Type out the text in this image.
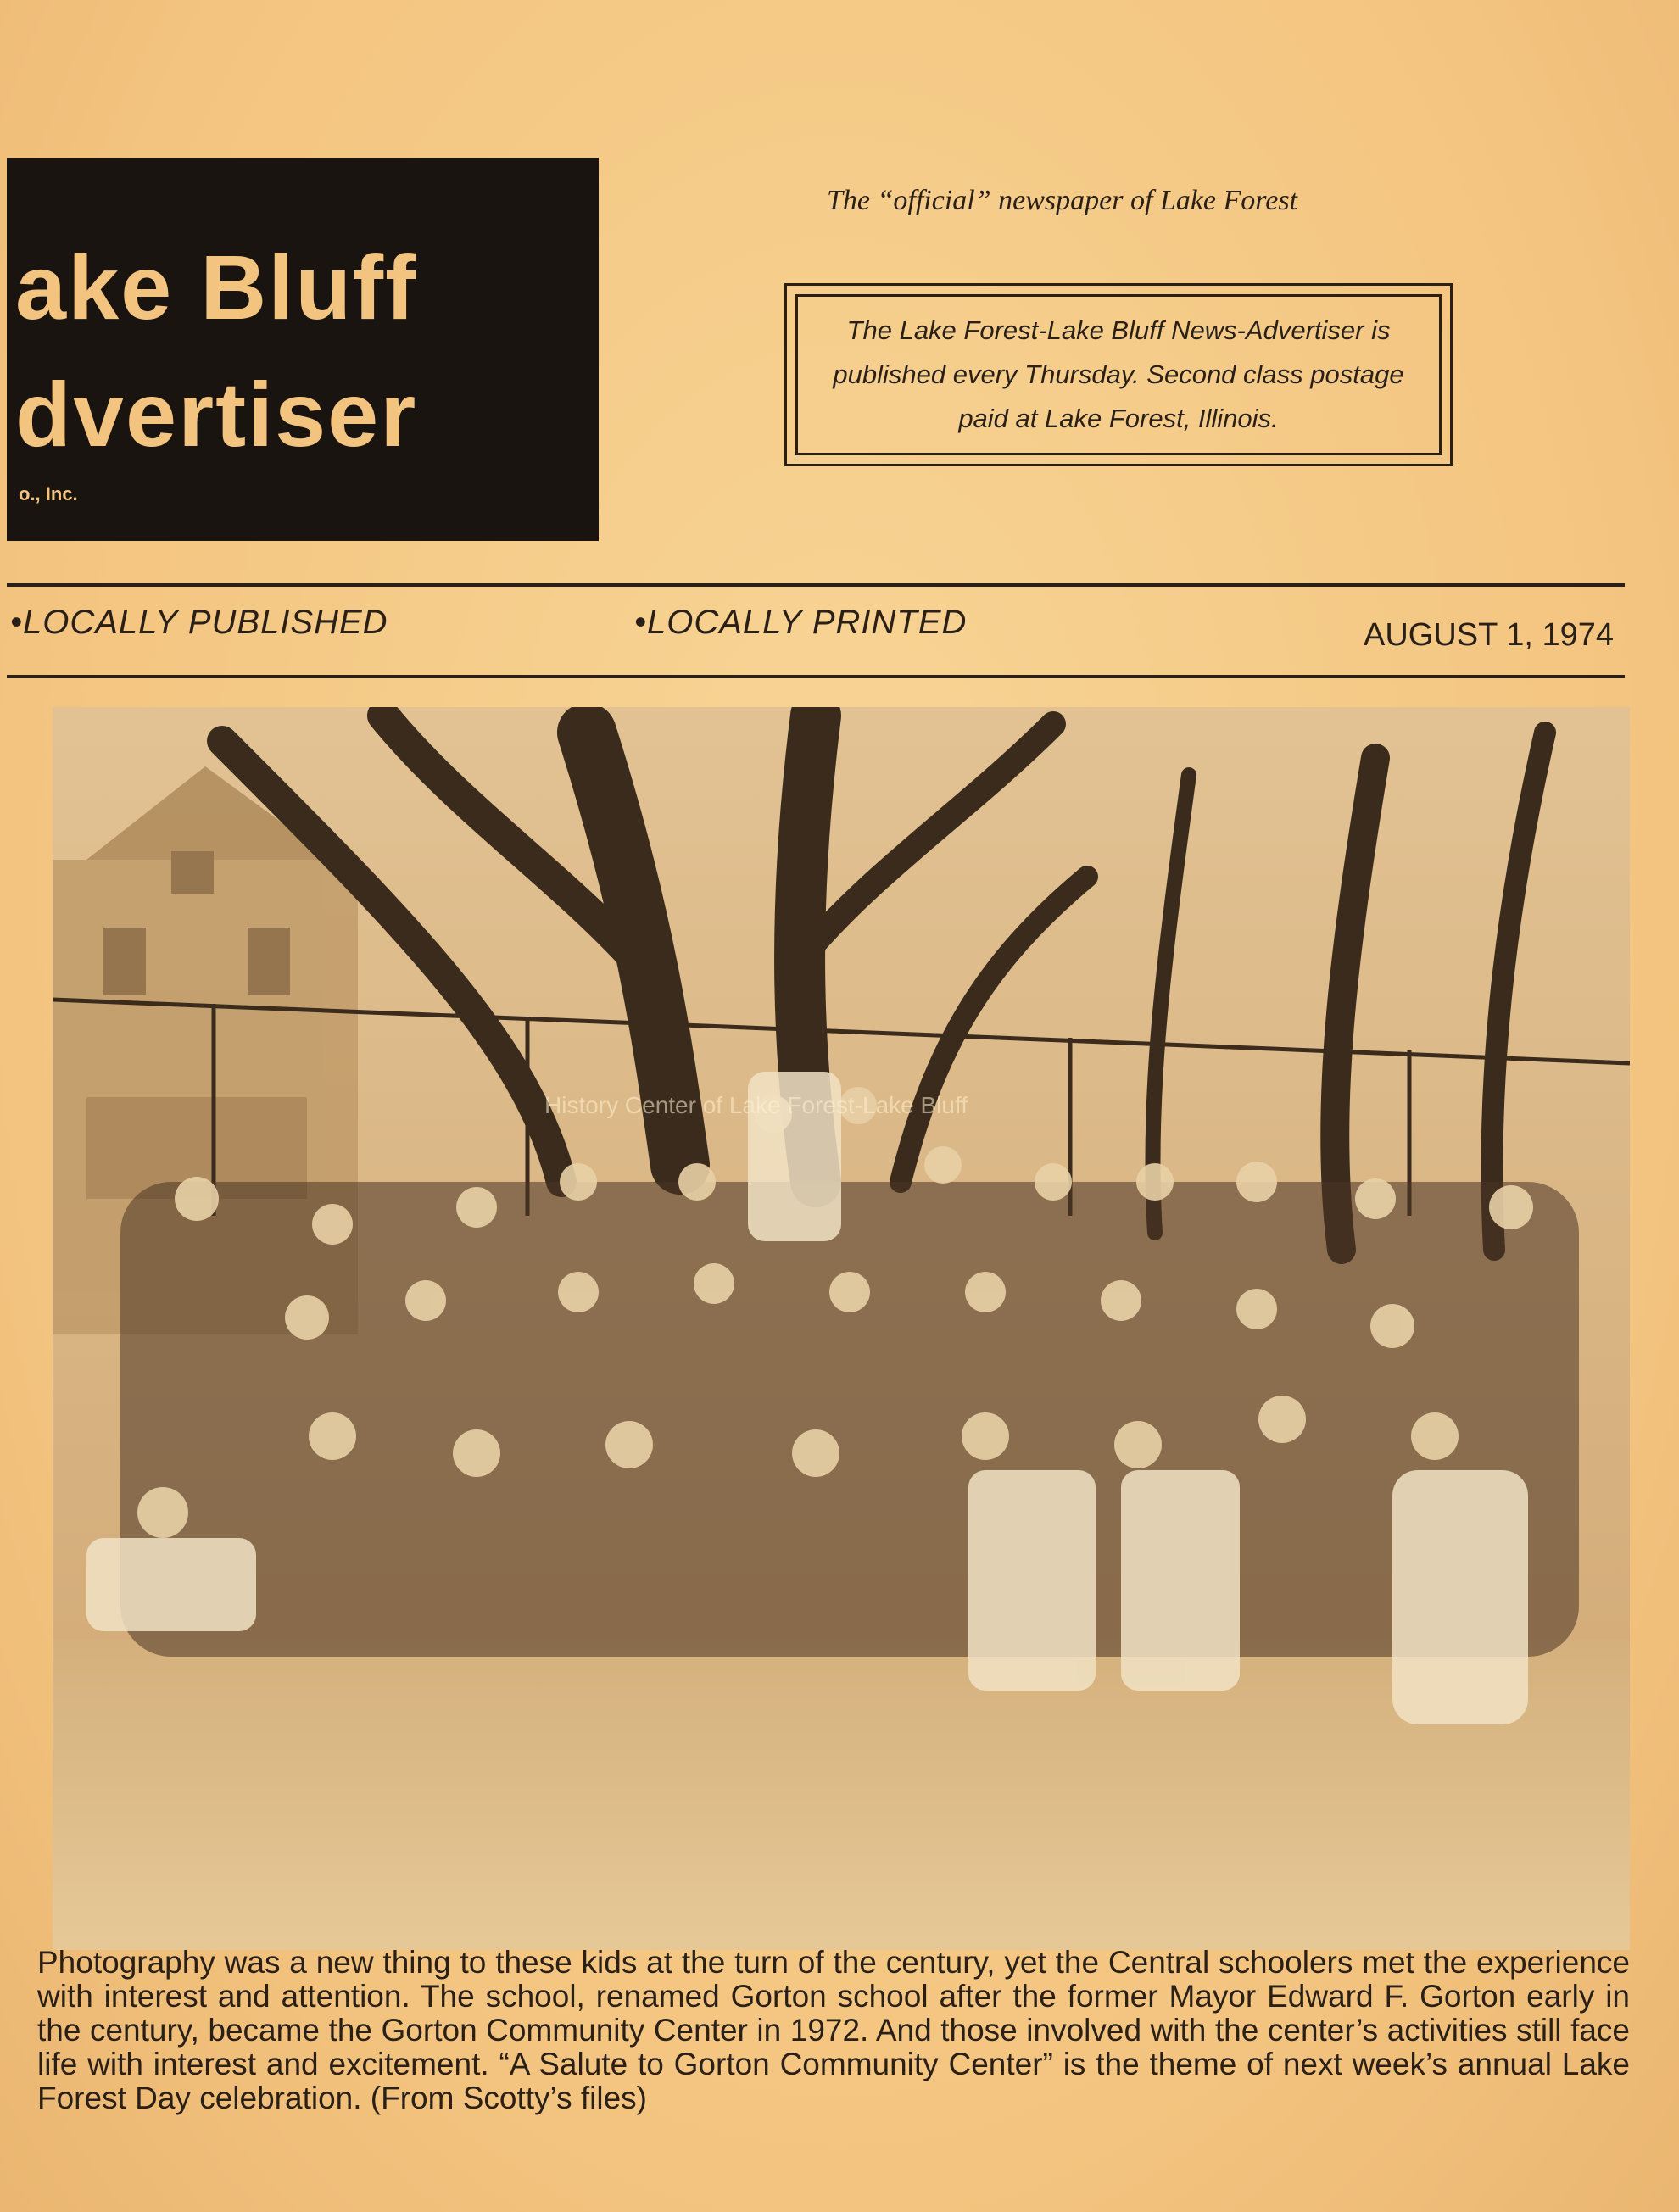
ake Bluff
dvertiser
o., Inc.
The “official” newspaper of Lake Forest
The Lake Forest-Lake Bluff News-Advertiser is published every Thursday. Second class postage paid at Lake Forest, Illinois.
•LOCALLY PUBLISHED	•LOCALLY PRINTED	AUGUST 1, 1974
History Center of Lake Forest-Lake Bluff
Photography was a new thing to these kids at the turn of the century, yet the Central schoolers met the experience with interest and attention. The school, renamed Gorton school after the former Mayor Edward F. Gorton early in the century, became the Gorton Community Center in 1972. And those involved with the center’s activities still face life with interest and excitement. “A Salute to Gorton Community Center” is the theme of next week’s annual Lake Forest Day celebration. (From Scotty’s files)
